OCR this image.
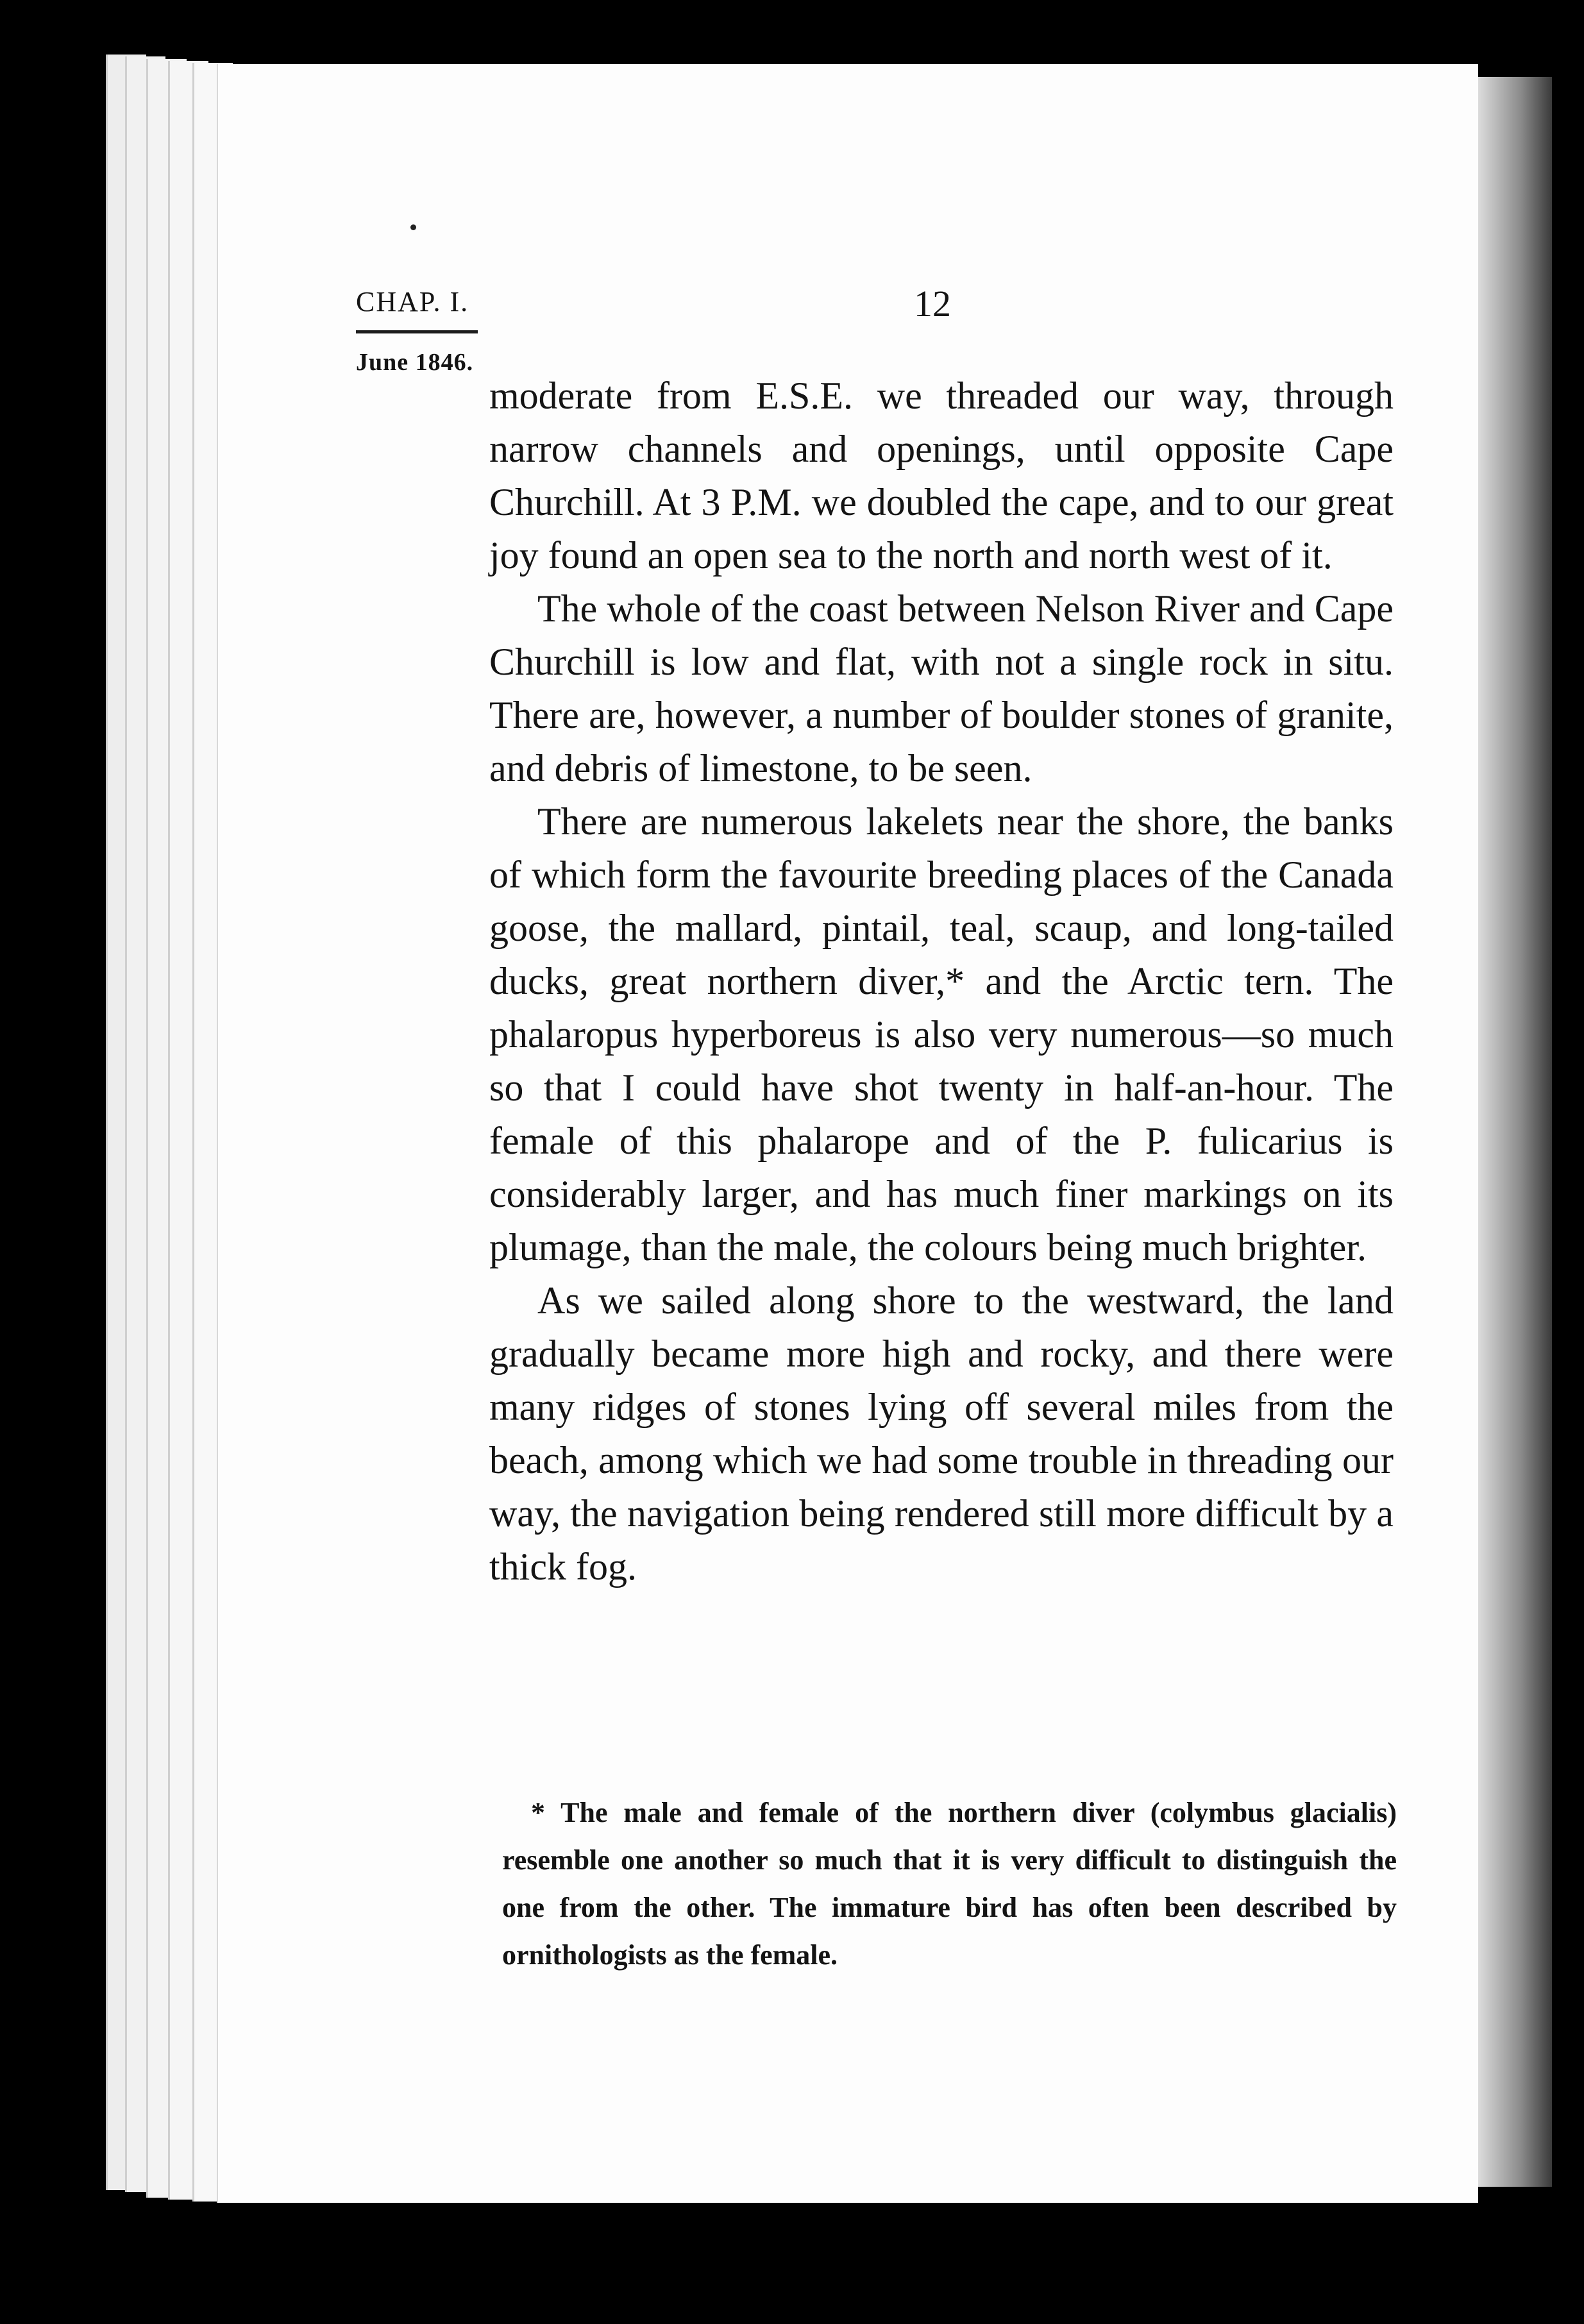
CHAP. I.
June 1846.
12

moderate from E.S.E. we threaded our way, through narrow channels and openings, until opposite Cape Churchill. At 3 P.M. we doubled the cape, and to our great joy found an open sea to the north and north west of it.

The whole of the coast between Nelson River and Cape Churchill is low and flat, with not a single rock in situ. There are, however, a number of boulder stones of granite, and debris of limestone, to be seen.

There are numerous lakelets near the shore, the banks of which form the favourite breeding places of the Canada goose, the mallard, pintail, teal, scaup, and long-tailed ducks, great northern diver,* and the Arctic tern. The phalaropus hyperboreus is also very numerous—so much so that I could have shot twenty in half-an-hour. The female of this phalarope and of the P. fulicarius is considerably larger, and has much finer markings on its plumage, than the male, the colours being much brighter.

As we sailed along shore to the westward, the land gradually became more high and rocky, and there were many ridges of stones lying off several miles from the beach, among which we had some trouble in threading our way, the navigation being rendered still more difficult by a thick fog.

* The male and female of the northern diver (colymbus glacialis) resemble one another so much that it is very difficult to distinguish the one from the other. The immature bird has often been described by ornithologists as the female.
